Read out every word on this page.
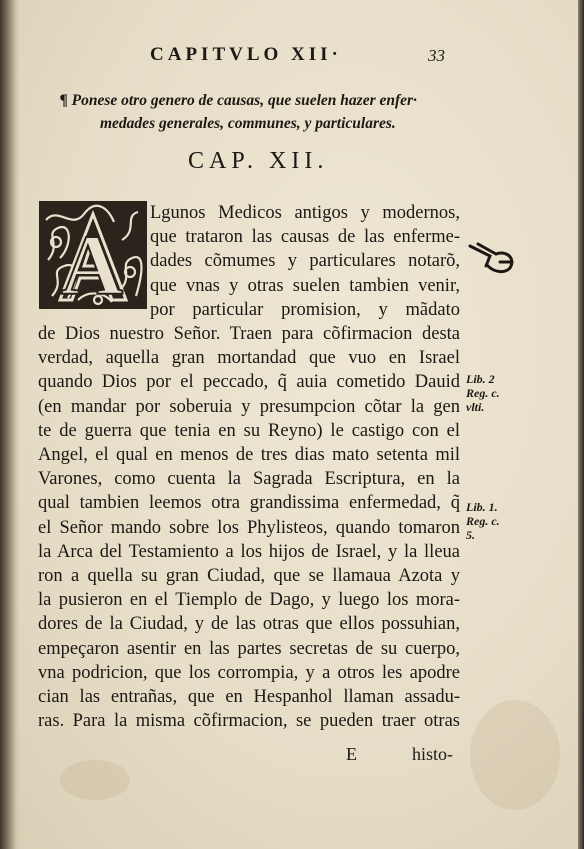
CAPITVLO XII·	33
¶ Ponese otro genero de causas, que suelen hazer enfer·
medades generales, communes, y particulares.
CAP. XII.
A
Lgunos Medicos antigos y modernos,
que trataron las causas de las enferme-
dades cõmumes y particulares notarõ,
que vnas y otras suelen tambien venir,
por particular promision, y mãdato
de Dios nuestro Señor. Traen para cõfirmacion desta
verdad, aquella gran mortandad que vuo en Israel
quando Dios por el peccado, q̃ auia cometido Dauid
(en mandar por soberuia y presumpcion cõtar la gen
te de guerra que tenia en su Reyno) le castigo con el
Angel, el qual en menos de tres dias mato setenta mil
Varones, como cuenta la Sagrada Escriptura, en la
qual tambien leemos otra grandissima enfermedad, q̃
el Señor mando sobre los Phylisteos, quando tomaron
la Arca del Testamiento a los hijos de Israel, y la lleua
ron a quella su gran Ciudad, que se llamaua Azota y
la pusieron en el Tiemplo de Dago, y luego los mora-
dores de la Ciudad, y de las otras que ellos possuhian,
empeçaron asentir en las partes secretas de su cuerpo,
vna podricion, que los corrompia, y a otros les apodre
cian las entrañas, que en Hespanhol llaman assadu-
ras. Para la misma cõfirmacion, se pueden traer otras
Lib. 2
Reg. c.
vlti.
Lib. 1.
Reg. c.
5.
E	histo-
